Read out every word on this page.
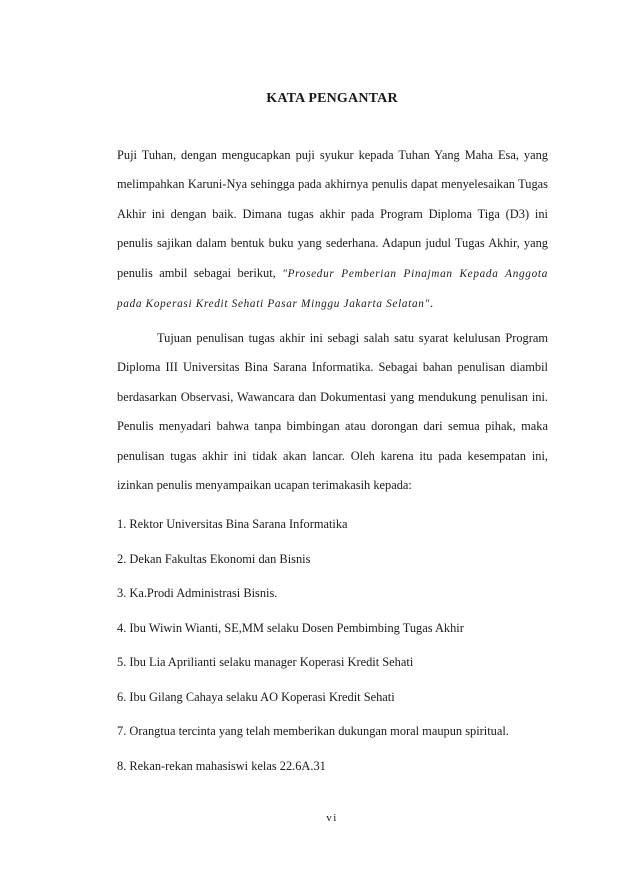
KATA PENGANTAR

Puji Tuhan, dengan mengucapkan puji syukur kepada Tuhan Yang Maha Esa, yang melimpahkan Karuni-Nya sehingga pada akhirnya penulis dapat menyelesaikan Tugas Akhir ini dengan baik. Dimana tugas akhir pada Program Diploma Tiga (D3) ini penulis sajikan dalam bentuk buku yang sederhana. Adapun judul Tugas Akhir, yang penulis ambil sebagai berikut, "Prosedur Pemberian Pinajman Kepada Anggota pada Koperasi Kredit Sehati Pasar Minggu Jakarta Selatan".

Tujuan penulisan tugas akhir ini sebagi salah satu syarat kelulusan Program Diploma III Universitas Bina Sarana Informatika. Sebagai bahan penulisan diambil berdasarkan Observasi, Wawancara dan Dokumentasi yang mendukung penulisan ini. Penulis menyadari bahwa tanpa bimbingan atau dorongan dari semua pihak, maka penulisan tugas akhir ini tidak akan lancar. Oleh karena itu pada kesempatan ini, izinkan penulis menyampaikan ucapan terimakasih kepada:

1. Rektor Universitas Bina Sarana Informatika
2. Dekan Fakultas Ekonomi dan Bisnis
3. Ka.Prodi Administrasi Bisnis.
4. Ibu Wiwin Wianti, SE,MM selaku Dosen Pembimbing Tugas Akhir
5. Ibu Lia Aprilianti selaku manager Koperasi Kredit Sehati
6. Ibu Gilang Cahaya selaku AO Koperasi Kredit Sehati
7. Orangtua tercinta yang telah memberikan dukungan moral maupun spiritual.
8. Rekan-rekan mahasiswi kelas 22.6A.31
vi
